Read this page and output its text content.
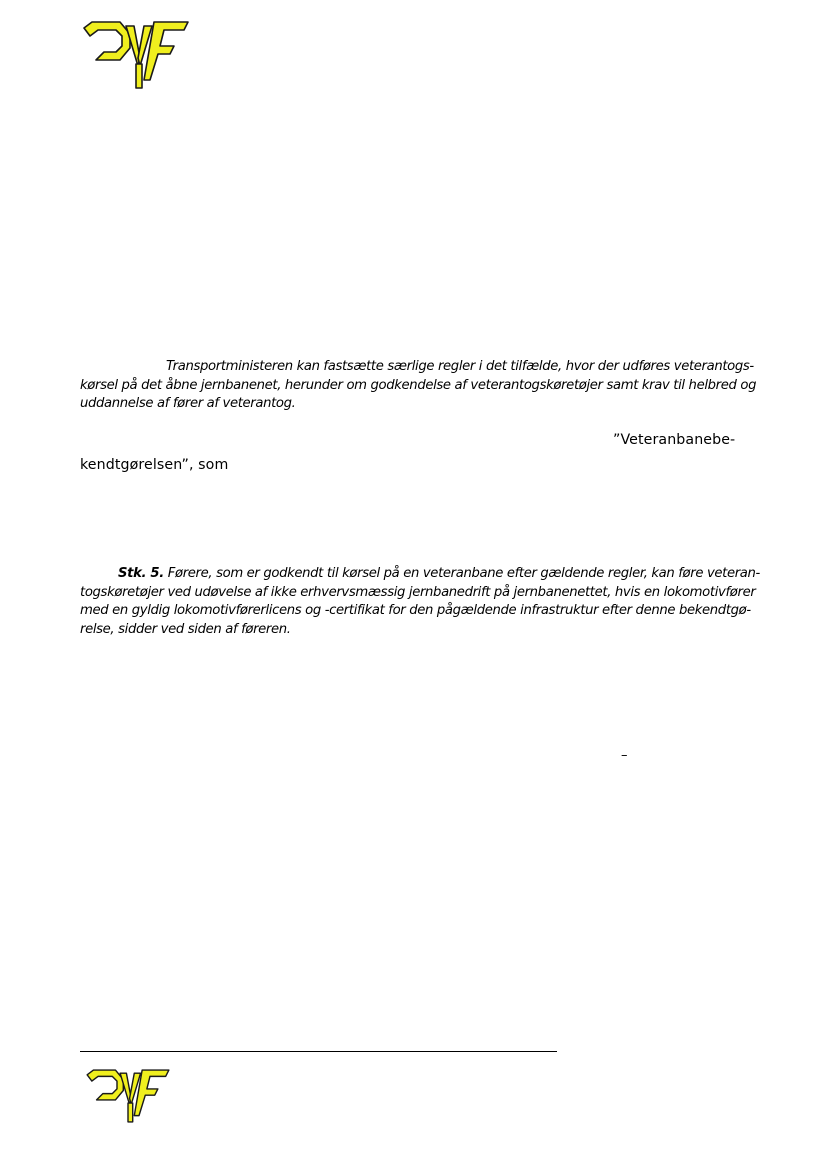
Transportministeren kan fastsætte særlige regler i det tilfælde, hvor der udføres veterantogs-
kørsel på det åbne jernbanenet, herunder om godkendelse af veterantogskøretøjer samt krav til helbred og
uddannelse af fører af veterantog.

”Veteranbanebe-

kendtgørelsen”, som

Stk. 5. Førere, som er godkendt til kørsel på en veteranbane efter gældende regler, kan føre veteran-
togskøretøjer ved udøvelse af ikke erhvervsmæssig jernbanedrift på jernbanenettet, hvis en lokomotivfører
med en gyldig lokomotivførerlicens og -certifikat for den pågældende infrastruktur efter denne bekendtgø-
relse, sidder ved siden af føreren.

–
